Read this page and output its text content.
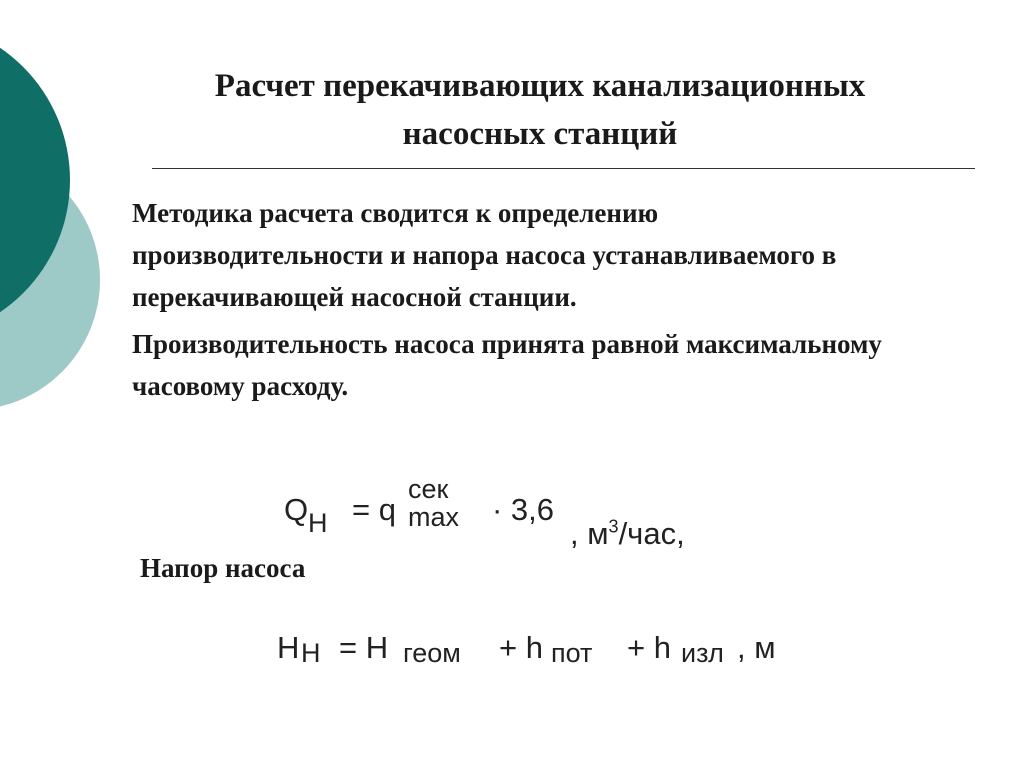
Расчет перекачивающих канализационных
насосных станций

Методика расчета сводится к определению производительности и напора насоса устанавливаемого в перекачивающей насосной станции.

Производительность насоса принята равной максимальному часовому расходу.

Q Н = q
сек
max · 3,6
, $м^3$/час,
Напор насоса
H Н = H геом + h пот + h изл , м
